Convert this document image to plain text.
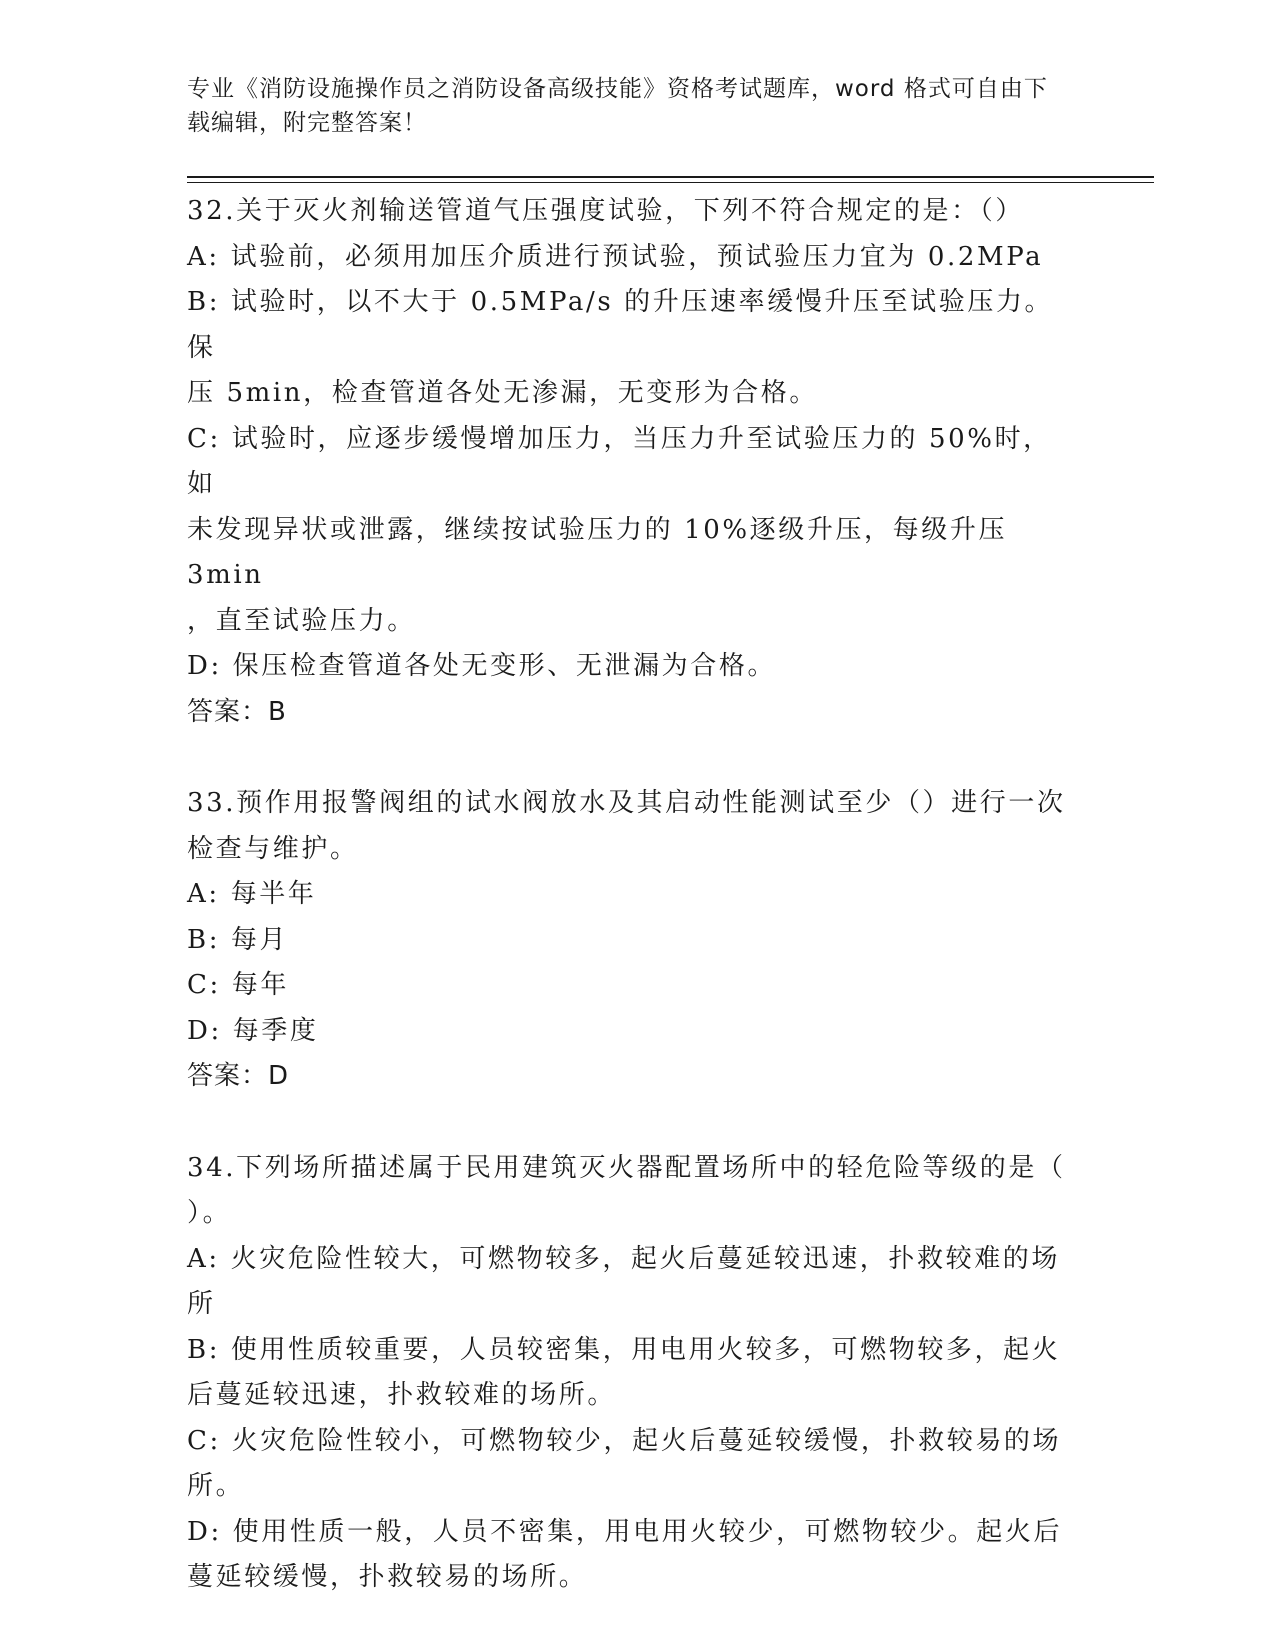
专业《消防设施操作员之消防设备高级技能》资格考试题库，word 格式可自由下
载编辑，附完整答案！
32.关于灭火剂输送管道气压强度试验，下列不符合规定的是：（）
A: 试验前，必须用加压介质进行预试验，预试验压力宜为 0.2MPa
B: 试验时，以不大于 0.5MPa/s 的升压速率缓慢升压至试验压力。保
压 5min，检查管道各处无渗漏，无变形为合格。
C: 试验时，应逐步缓慢增加压力，当压力升至试验压力的 50%时，如
未发现异状或泄露，继续按试验压力的 10%逐级升压，每级升压 3min
，直至试验压力。
D: 保压检查管道各处无变形、无泄漏为合格。
答案：B
33.预作用报警阀组的试水阀放水及其启动性能测试至少（）进行一次
检查与维护。
A: 每半年
B: 每月
C: 每年
D: 每季度
答案：D
34.下列场所描述属于民用建筑灭火器配置场所中的轻危险等级的是（
）。
A: 火灾危险性较大，可燃物较多，起火后蔓延较迅速，扑救较难的场
所
B: 使用性质较重要，人员较密集，用电用火较多，可燃物较多，起火
后蔓延较迅速，扑救较难的场所。
C: 火灾危险性较小，可燃物较少，起火后蔓延较缓慢，扑救较易的场
所。
D: 使用性质一般，人员不密集，用电用火较少，可燃物较少。起火后
蔓延较缓慢，扑救较易的场所。
